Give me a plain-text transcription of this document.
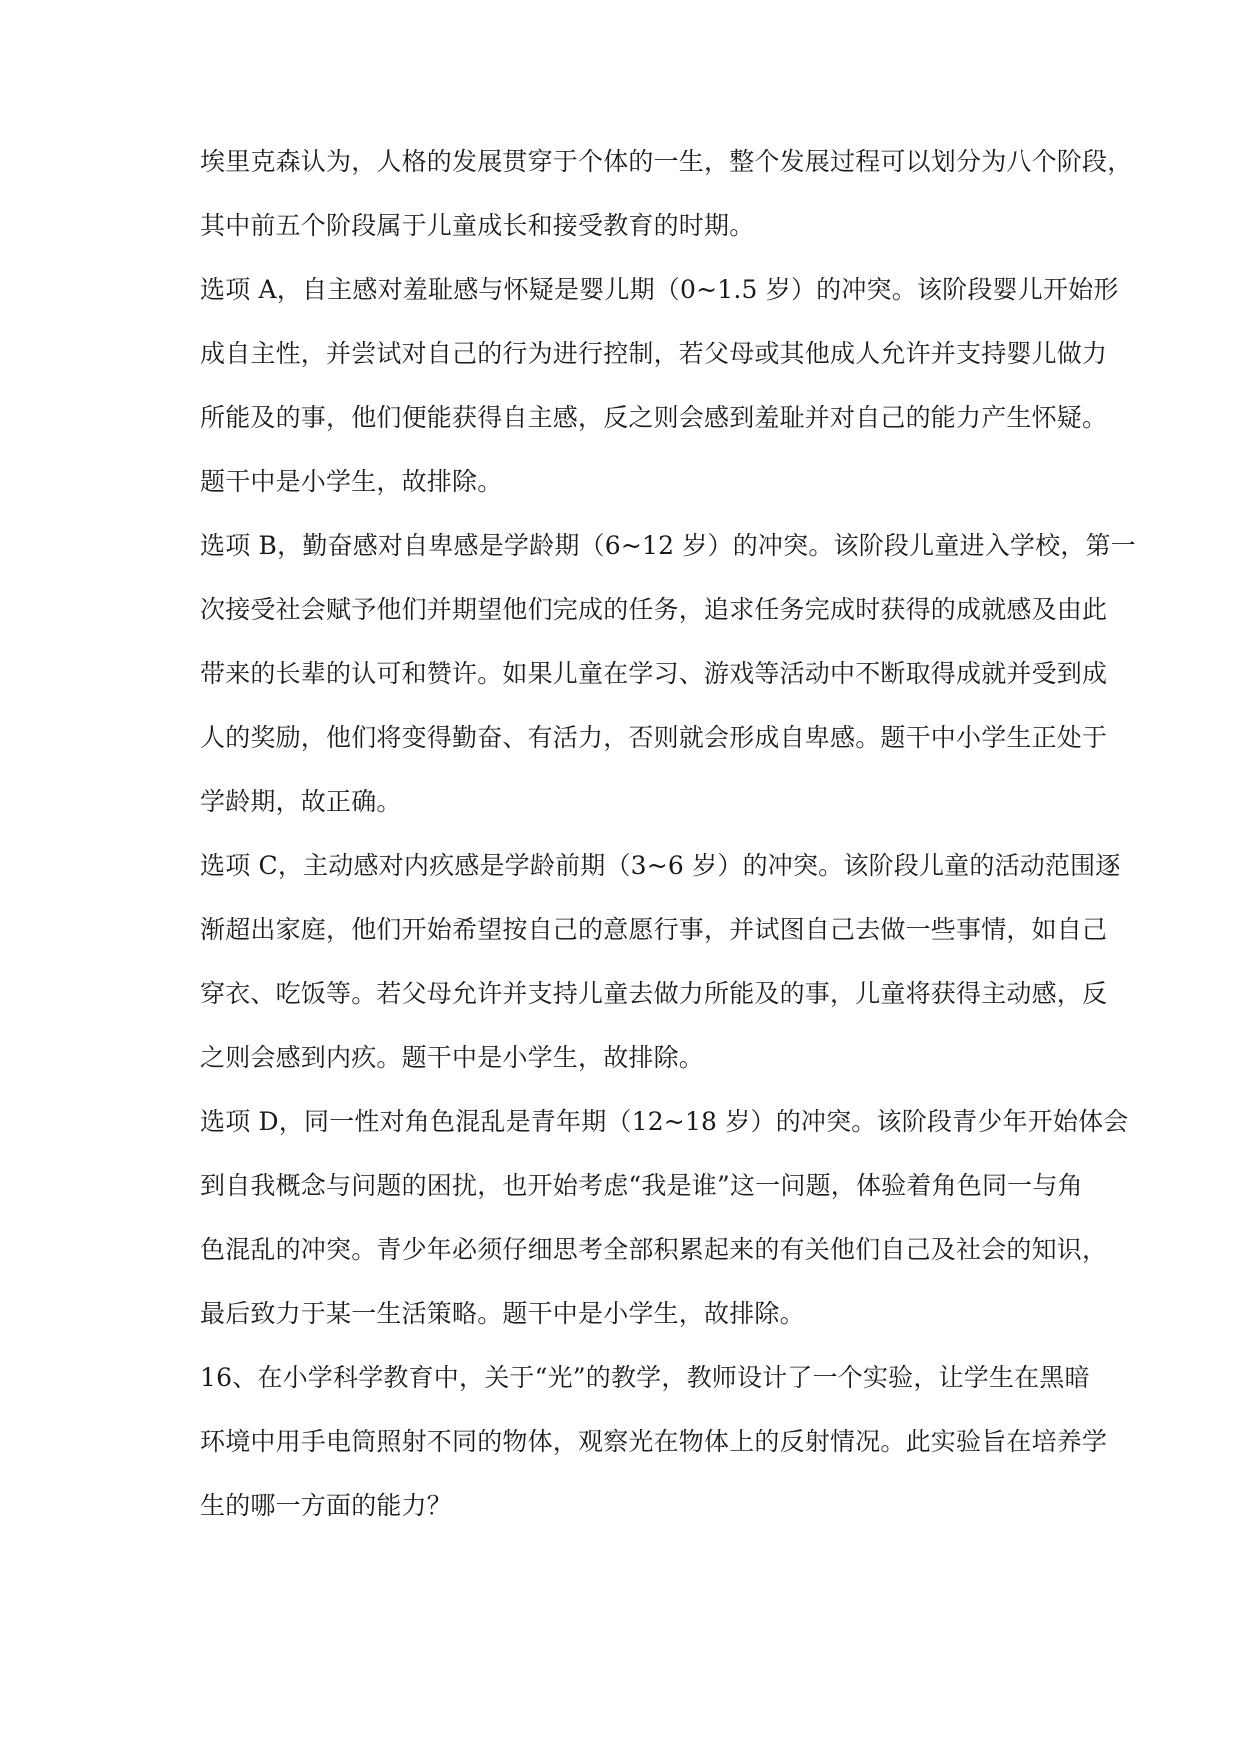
埃里克森认为，人格的发展贯穿于个体的一生，整个发展过程可以划分为八个阶段，
其中前五个阶段属于儿童成长和接受教育的时期。
选项 A，自主感对羞耻感与怀疑是婴儿期（0~1.5 岁）的冲突。该阶段婴儿开始形
成自主性，并尝试对自己的行为进行控制，若父母或其他成人允许并支持婴儿做力
所能及的事，他们便能获得自主感，反之则会感到羞耻并对自己的能力产生怀疑。
题干中是小学生，故排除。
选项 B，勤奋感对自卑感是学龄期（6~12 岁）的冲突。该阶段儿童进入学校，第一
次接受社会赋予他们并期望他们完成的任务，追求任务完成时获得的成就感及由此
带来的长辈的认可和赞许。如果儿童在学习、游戏等活动中不断取得成就并受到成
人的奖励，他们将变得勤奋、有活力，否则就会形成自卑感。题干中小学生正处于
学龄期，故正确。
选项 C，主动感对内疚感是学龄前期（3~6 岁）的冲突。该阶段儿童的活动范围逐
渐超出家庭，他们开始希望按自己的意愿行事，并试图自己去做一些事情，如自己
穿衣、吃饭等。若父母允许并支持儿童去做力所能及的事，儿童将获得主动感，反
之则会感到内疚。题干中是小学生，故排除。
选项 D，同一性对角色混乱是青年期（12~18 岁）的冲突。该阶段青少年开始体会
到自我概念与问题的困扰，也开始考虑“我是谁”这一问题，体验着角色同一与角
色混乱的冲突。青少年必须仔细思考全部积累起来的有关他们自己及社会的知识，
最后致力于某一生活策略。题干中是小学生，故排除。
16、在小学科学教育中，关于“光”的教学，教师设计了一个实验，让学生在黑暗
环境中用手电筒照射不同的物体，观察光在物体上的反射情况。此实验旨在培养学
生的哪一方面的能力？
